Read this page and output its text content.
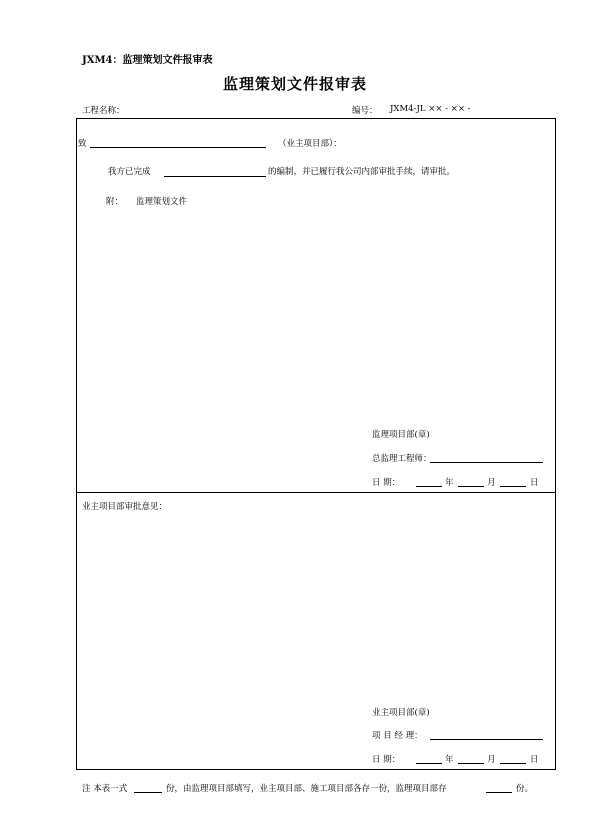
JXM4：监理策划文件报审表
监理策划文件报审表
工程名称：	编号： JXM4-JL ×× - ×× -
致	（业主项目部）：
我方已完成	的编制，并已履行我公司内部审批手续，请审批。
附： 监理策划文件
监理项目部(章)
总监理工程师：
日 期：	年	月	日
业主项目部审批意见：
业主项目部(章)
项 目 经 理：
日 期：	年	月	日
注 本表一式	份，由监理项目部填写，业主项目部、施工项目部各存一份，监理项目部存	份。
